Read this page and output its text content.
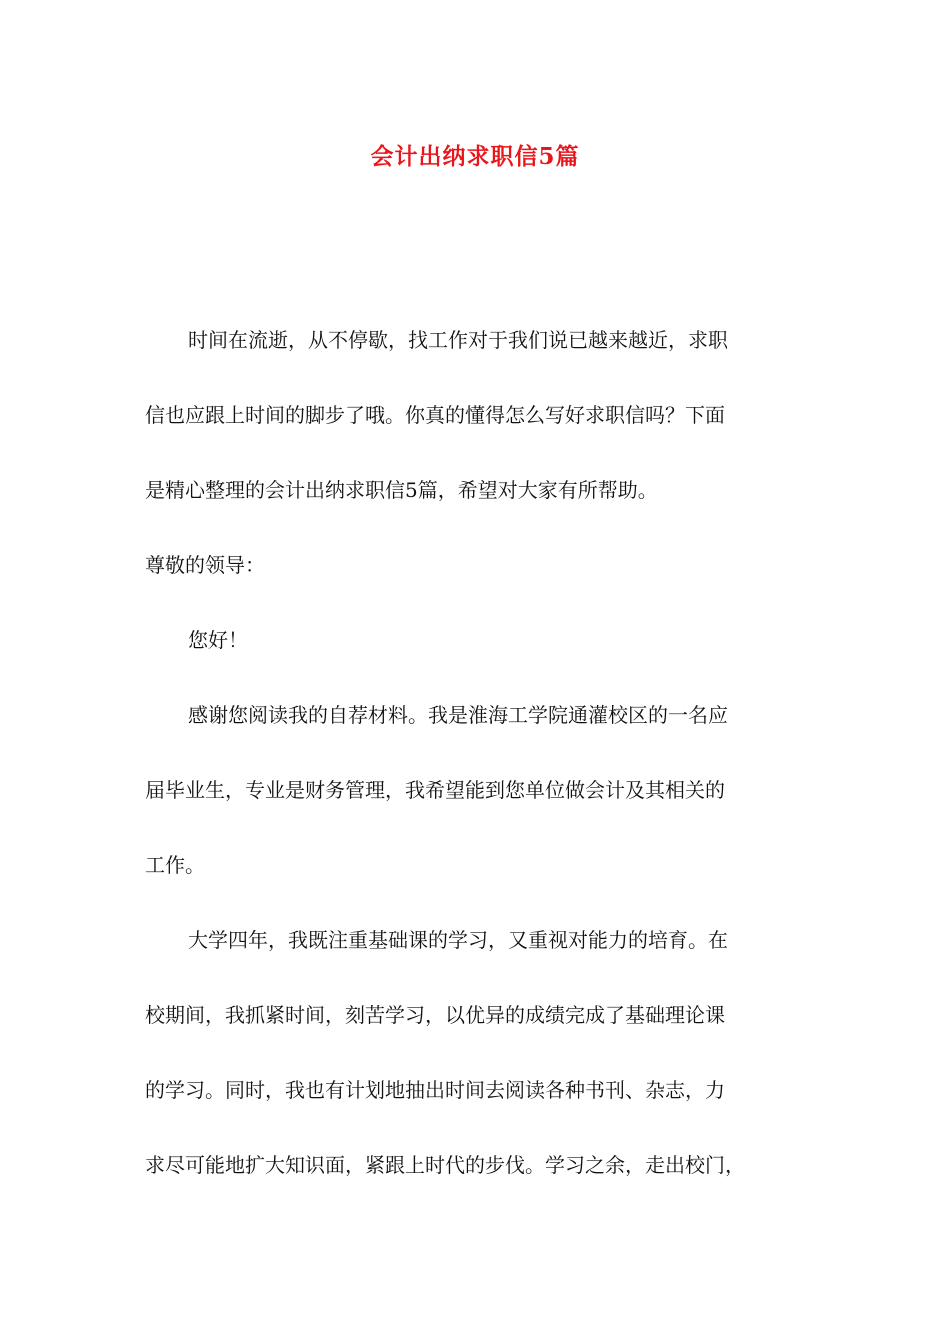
会计出纳求职信5篇

时间在流逝，从不停歇，找工作对于我们说已越来越近，求职

信也应跟上时间的脚步了哦。你真的懂得怎么写好求职信吗？下面

是精心整理的会计出纳求职信5篇，希望对大家有所帮助。

尊敬的领导：

您好！

感谢您阅读我的自荐材料。我是淮海工学院通灌校区的一名应

届毕业生，专业是财务管理，我希望能到您单位做会计及其相关的

工作。

大学四年，我既注重基础课的学习，又重视对能力的培育。在

校期间，我抓紧时间，刻苦学习，以优异的成绩完成了基础理论课

的学习。同时，我也有计划地抽出时间去阅读各种书刊、杂志，力

求尽可能地扩大知识面，紧跟上时代的步伐。学习之余，走出校门，
